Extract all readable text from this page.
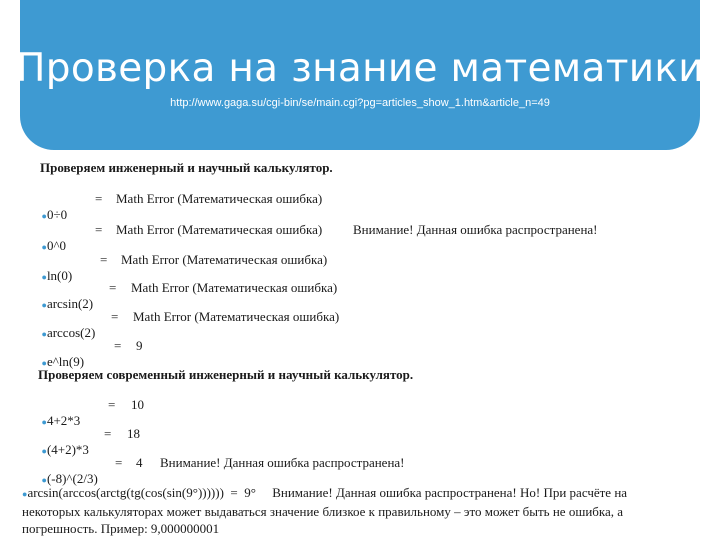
Проверка на знание математики
http://www.gaga.su/cgi-bin/se/main.cgi?pg=articles_show_1.htm&article_n=49
Проверяем инженерный и научный калькулятор.

●0÷0

= Math Error (Математическая ошибка)

●0^0

= Math Error (Математическая ошибка) Внимание! Данная ошибка распространена!

●ln(0)

= Math Error (Математическая ошибка)

●arcsin(2)

= Math Error (Математическая ошибка)

●arccos(2)

= Math Error (Математическая ошибка)

●e^ln(9)

= 9
Проверяем современный инженерный и научный калькулятор.

●4+2*3

= 10

●(4+2)*3

= 18

●(-8)^(2/3)

= 4 Внимание! Данная ошибка распространена!
●arcsin(arccos(arctg(tg(cos(sin(9°)))))) = 9° Внимание! Данная ошибка распространена! Но! При расчёте на некоторых калькуляторах может выдаваться значение близкое к правильному – это может быть не ошибка, а погрешность. Пример: 9,000000001
